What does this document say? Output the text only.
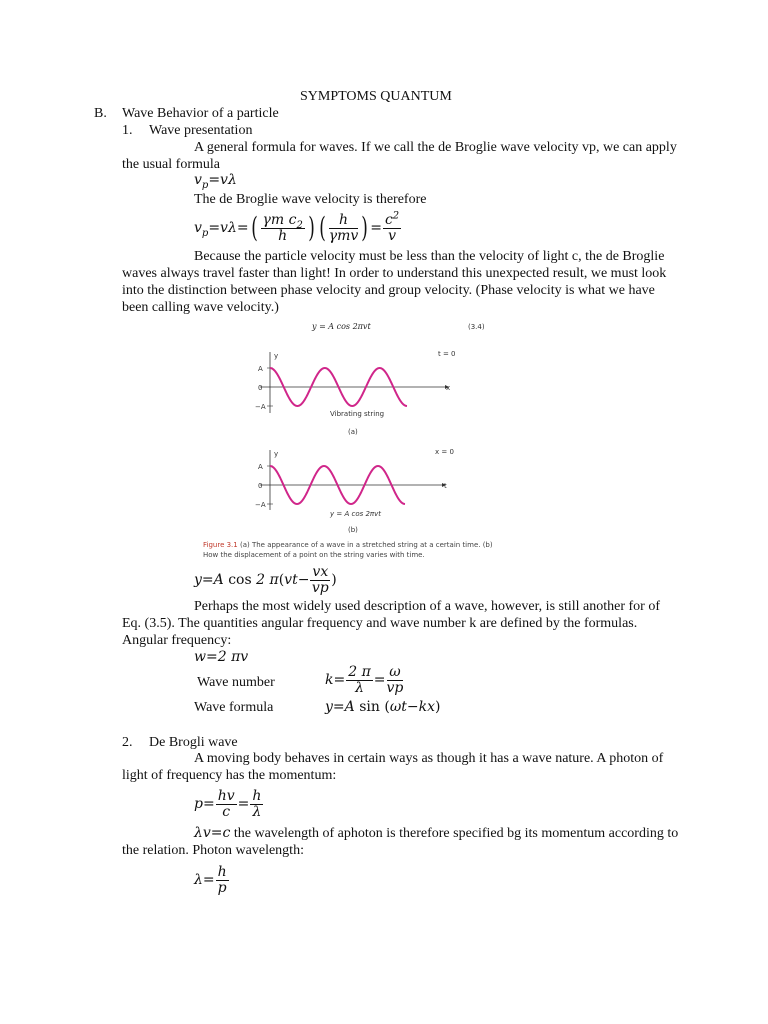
SYMPTOMS QUANTUM
B. Wave Behavior of a particle
1. Wave presentation
A general formula for waves. If we call the de Broglie wave velocity vp, we can apply the usual formula
$v_p=v\lambda$
The de Broglie wave velocity is therefore
$v_p=v\lambda=( \frac{\gamma m c_2}{h}$ ) ( $\frac{h}{\text{γmv}}$ ) = $\frac{c^2}{v}$
Because the particle velocity must be less than the velocity of light c, the de Broglie waves always travel faster than light! In order to understand this unexpected result, we must look into the distinction between phase velocity and group velocity. (Phase velocity is what we have been calling wave velocity.)
y = A cos 2πvt	(3.4)
y
x
t = 0
A
0
−A
Vibrating string
(a)
y
t
x = 0
A
0
−A
y = A cos 2πvt
(b)
Figure 3.1 (a) The appearance of a wave in a stretched string at a certain time. (b) How the displacement of a point on the string varies with time.
y=A cos 2 $\pi(vt- \frac{vx}{vp}$ )
Perhaps the most widely used description of a wave, however, is still another for of Eq. (3.5). The quantities angular frequency and wave number k are defined by the formulas. Angular frequency:
w=2 πv
Wave number	$k= \frac{2 \pi}{\lambda} = \frac{\omega}{vp}$
Wave formula	y=A sin (ωt−kx)
2. De Brogli wave
A moving body behaves in certain ways as though it has a wave nature. A photon of light of frequency has the momentum:
$p= \frac{hv}{c} = \frac{h}{\lambda}$
λv=c the wavelength of aphoton is therefore specified bg its momentum according to the relation. Photon wavelength:
$\lambda= \frac{h}{p}$
